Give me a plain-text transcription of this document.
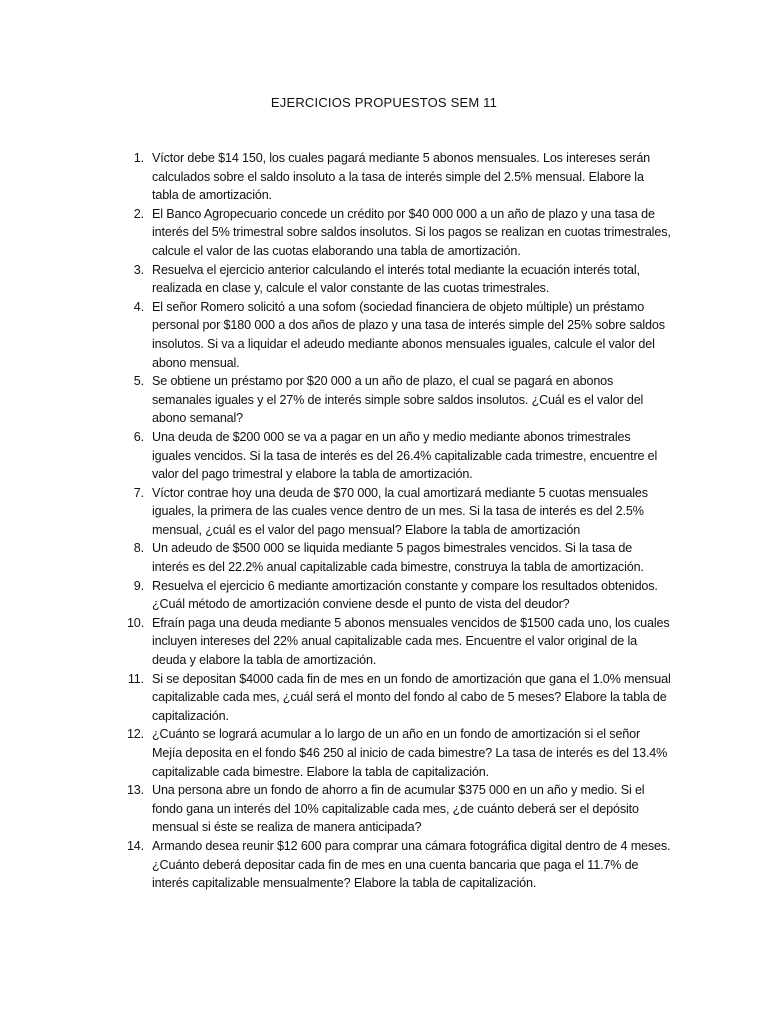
EJERCICIOS PROPUESTOS SEM 11
1. Víctor debe $14 150, los cuales pagará mediante 5 abonos mensuales. Los intereses serán calculados sobre el saldo insoluto a la tasa de interés simple del 2.5% mensual. Elabore la tabla de amortización.
2. El Banco Agropecuario concede un crédito por $40 000 000 a un año de plazo y una tasa de interés del 5% trimestral sobre saldos insolutos. Si los pagos se realizan en cuotas trimestrales, calcule el valor de las cuotas elaborando una tabla de amortización.
3. Resuelva el ejercicio anterior calculando el interés total mediante la ecuación interés total, realizada en clase y, calcule el valor constante de las cuotas trimestrales.
4. El señor Romero solicitó a una sofom (sociedad financiera de objeto múltiple) un préstamo personal por $180 000 a dos años de plazo y una tasa de interés simple del 25% sobre saldos insolutos. Si va a liquidar el adeudo mediante abonos mensuales iguales, calcule el valor del abono mensual.
5. Se obtiene un préstamo por $20 000 a un año de plazo, el cual se pagará en abonos semanales iguales y el 27% de interés simple sobre saldos insolutos. ¿Cuál es el valor del abono semanal?
6. Una deuda de $200 000 se va a pagar en un año y medio mediante abonos trimestrales iguales vencidos. Si la tasa de interés es del 26.4% capitalizable cada trimestre, encuentre el valor del pago trimestral y elabore la tabla de amortización.
7. Víctor contrae hoy una deuda de $70 000, la cual amortizará mediante 5 cuotas mensuales iguales, la primera de las cuales vence dentro de un mes. Si la tasa de interés es del 2.5% mensual, ¿cuál es el valor del pago mensual? Elabore la tabla de amortización
8. Un adeudo de $500 000 se liquida mediante 5 pagos bimestrales vencidos. Si la tasa de interés es del 22.2% anual capitalizable cada bimestre, construya la tabla de amortización.
9. Resuelva el ejercicio 6 mediante amortización constante y compare los resultados obtenidos. ¿Cuál método de amortización conviene desde el punto de vista del deudor?
10. Efraín paga una deuda mediante 5 abonos mensuales vencidos de $1500 cada uno, los cuales incluyen intereses del 22% anual capitalizable cada mes. Encuentre el valor original de la deuda y elabore la tabla de amortización.
11. Si se depositan $4000 cada fin de mes en un fondo de amortización que gana el 1.0% mensual capitalizable cada mes, ¿cuál será el monto del fondo al cabo de 5 meses? Elabore la tabla de capitalización.
12. ¿Cuánto se logrará acumular a lo largo de un año en un fondo de amortización si el señor Mejía deposita en el fondo $46 250 al inicio de cada bimestre? La tasa de interés es del 13.4% capitalizable cada bimestre. Elabore la tabla de capitalización.
13. Una persona abre un fondo de ahorro a fin de acumular $375 000 en un año y medio. Si el fondo gana un interés del 10% capitalizable cada mes, ¿de cuánto deberá ser el depósito mensual si éste se realiza de manera anticipada?
14. Armando desea reunir $12 600 para comprar una cámara fotográfica digital dentro de 4 meses. ¿Cuánto deberá depositar cada fin de mes en una cuenta bancaria que paga el 11.7% de interés capitalizable mensualmente? Elabore la tabla de capitalización.
